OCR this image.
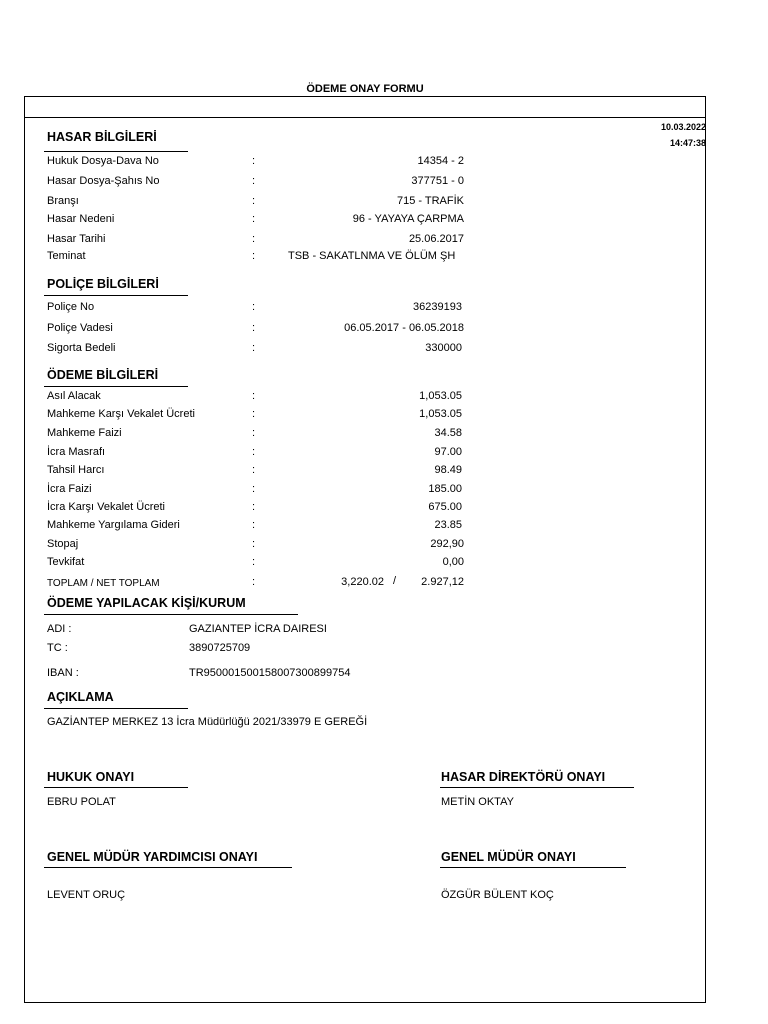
ÖDEME ONAY FORMU
10.03.2022
14:47:38
HASAR BİLGİLERİ
Hukuk Dosya-Dava No	:	14354 - 2
Hasar Dosya-Şahıs No	:	377751 - 0
Branşı	:	715 - TRAFİK
Hasar Nedeni	:	96 - YAYAYA ÇARPMA
Hasar Tarihi	:	25.06.2017
Teminat	:	TSB - SAKATLNMA VE ÖLÜM ŞH
POLİÇE BİLGİLERİ
Poliçe No	:	36239193
Poliçe Vadesi	:	06.05.2017 - 06.05.2018
Sigorta Bedeli	:	330000
ÖDEME BİLGİLERİ
Asıl Alacak	:	1,053.05
Mahkeme Karşı Vekalet Ücreti	:	1,053.05
Mahkeme Faizi	:	34.58
İcra Masrafı	:	97.00
Tahsil Harcı	:	98.49
İcra Faizi	:	185.00
İcra Karşı Vekalet Ücreti	:	675.00
Mahkeme Yargılama Gideri	:	23.85
Stopaj	:	292,90
Tevkifat	:	0,00
TOPLAM / NET TOPLAM	:	3,220.02 /	2.927,12
ÖDEME YAPILACAK KİŞİ/KURUM
ADI :	GAZIANTEP İCRA DAIRESI
TC :	3890725709
IBAN :	TR950001500158007300899754
AÇIKLAMA
GAZİANTEP MERKEZ 13 İcra Müdürlüğü 2021/33979 E GEREĞİ
HUKUK ONAYI
EBRU POLAT
HASAR DİREKTÖRÜ ONAYI
METİN OKTAY
GENEL MÜDÜR YARDIMCISI ONAYI
LEVENT ORUÇ
GENEL MÜDÜR ONAYI
ÖZGÜR BÜLENT KOÇ
